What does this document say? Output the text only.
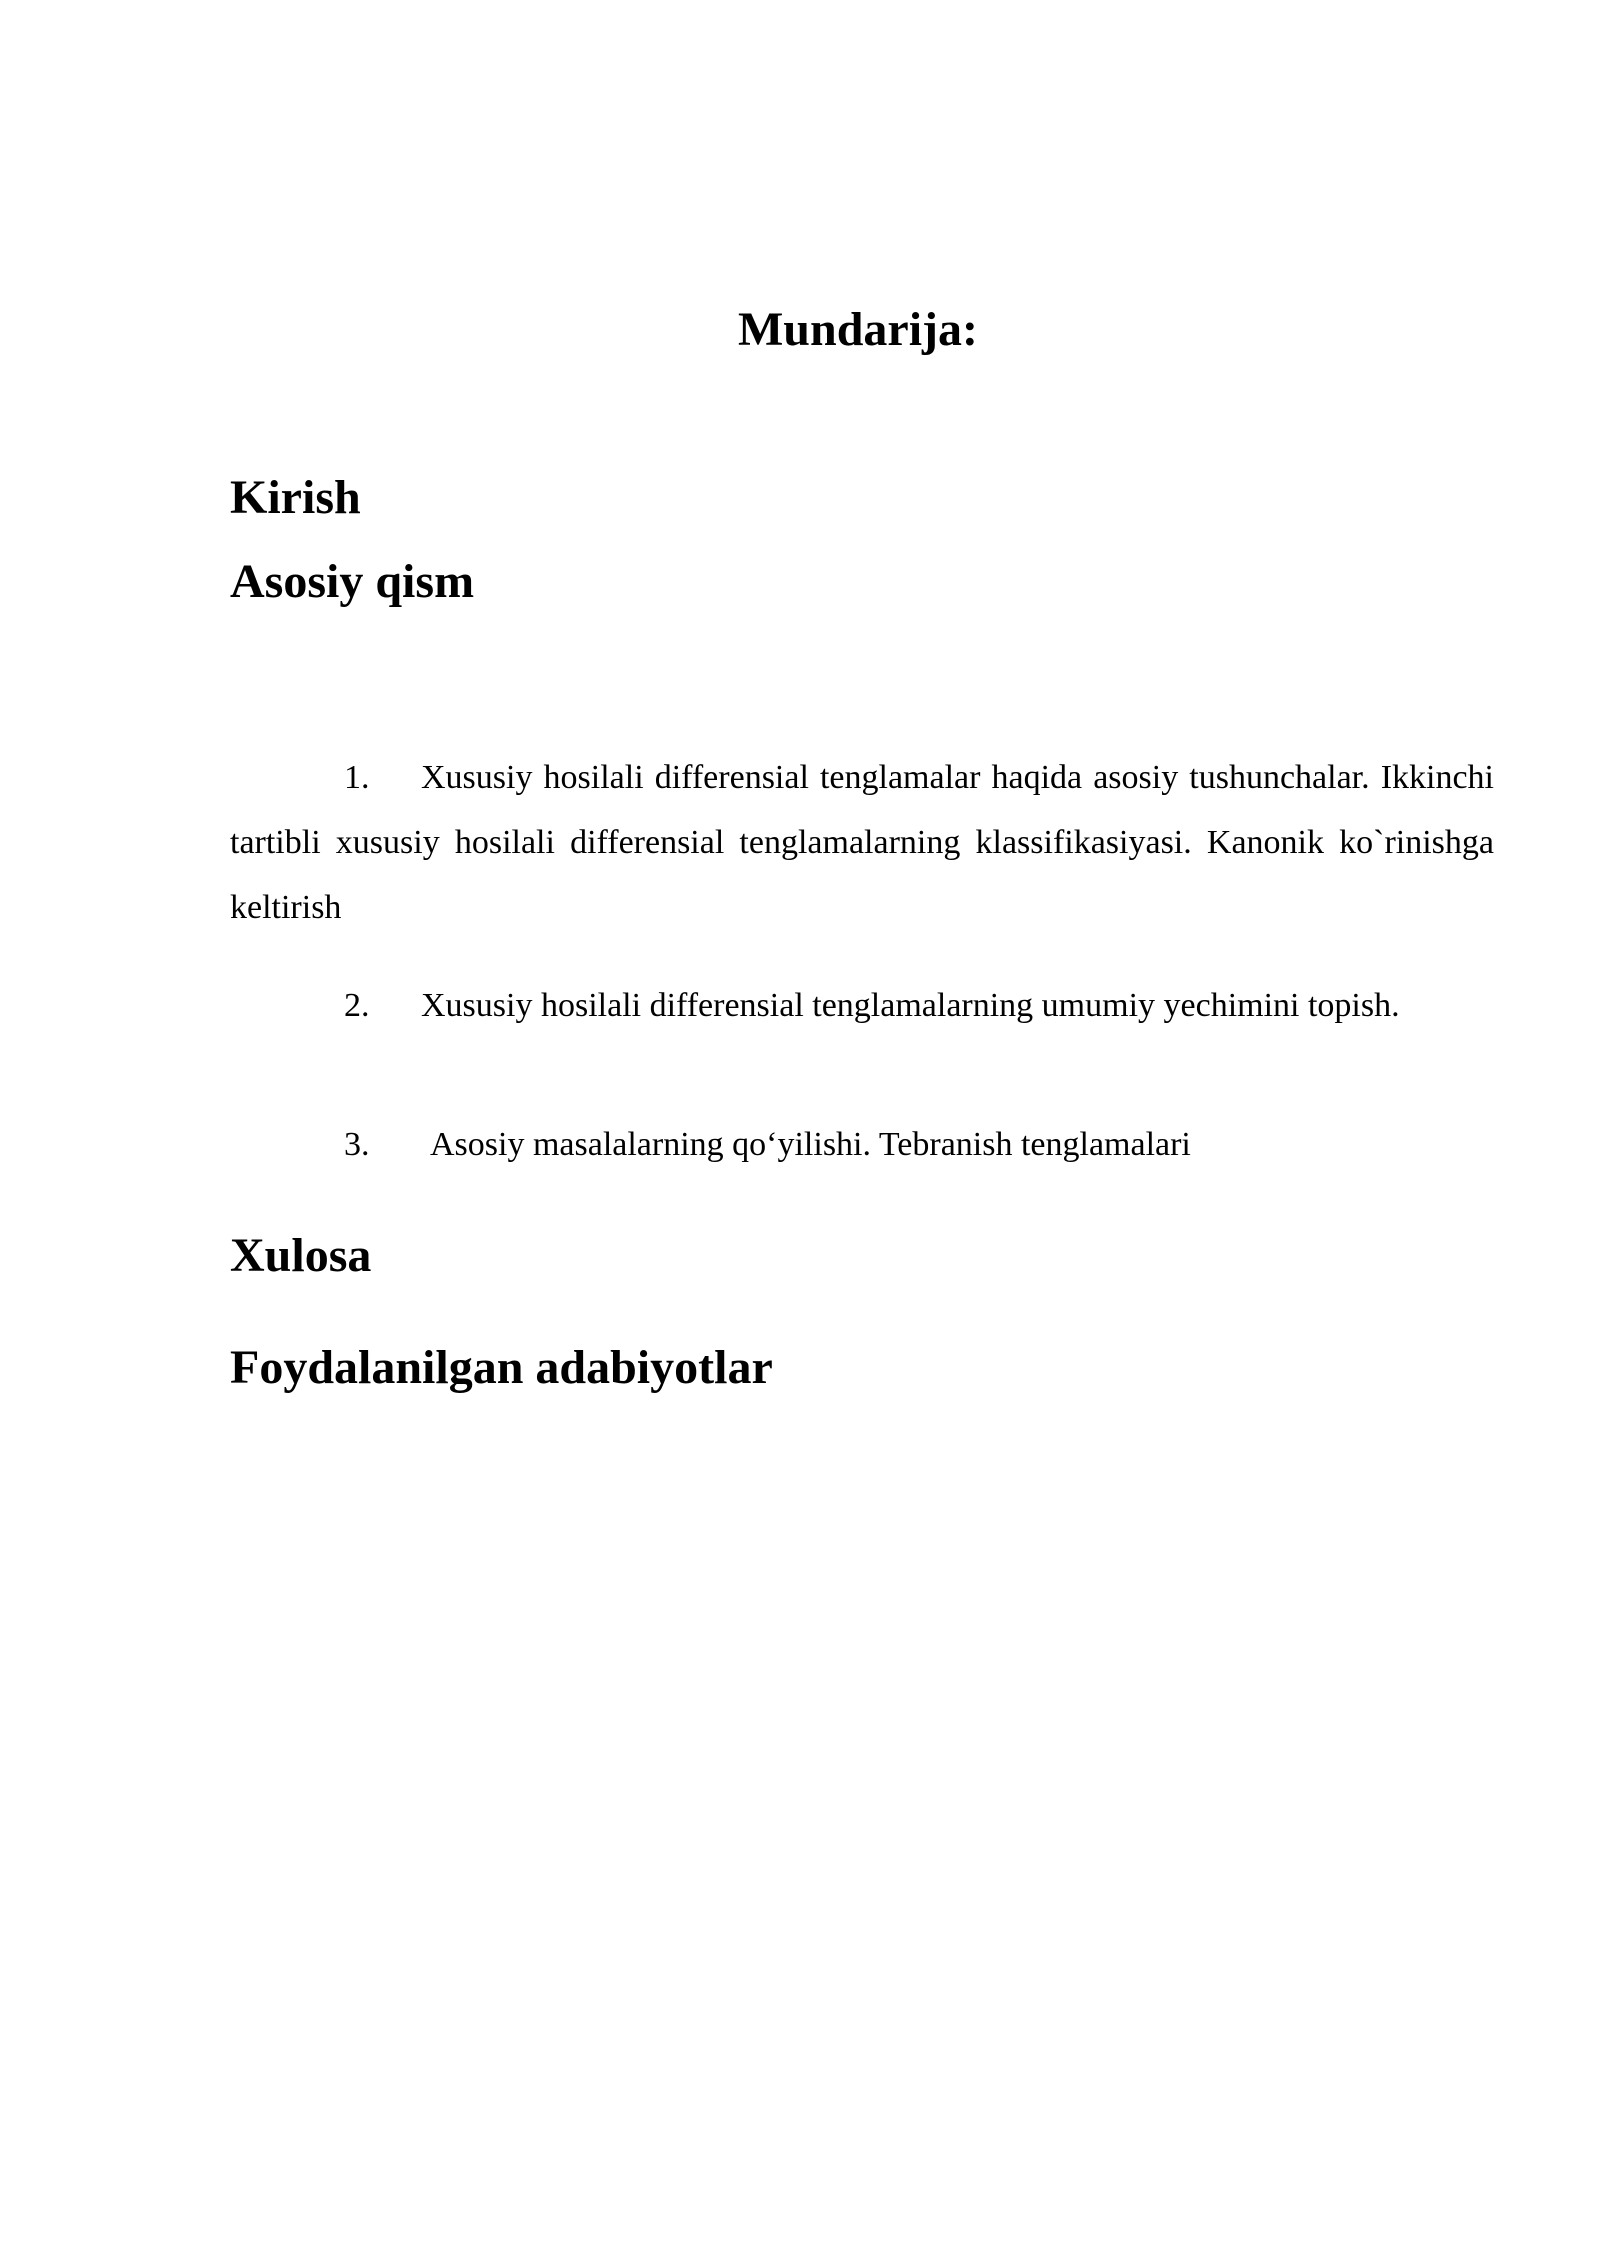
Mundarija:
Kirish
Asosiy qism

1. Xususiy hosilali differensial tenglamalar haqida asosiy tushunchalar. Ikkinchi tartibli xususiy hosilali differensial tenglamalarning klassifikasiyasi. Kanonik ko`rinishga keltirish

2. Xususiy hosilali differensial tenglamalarning umumiy yechimini topish.

3. Asosiy masalalarning qo‘yilishi. Tebranish tenglamalari

Xulosa
Foydalanilgan adabiyotlar
